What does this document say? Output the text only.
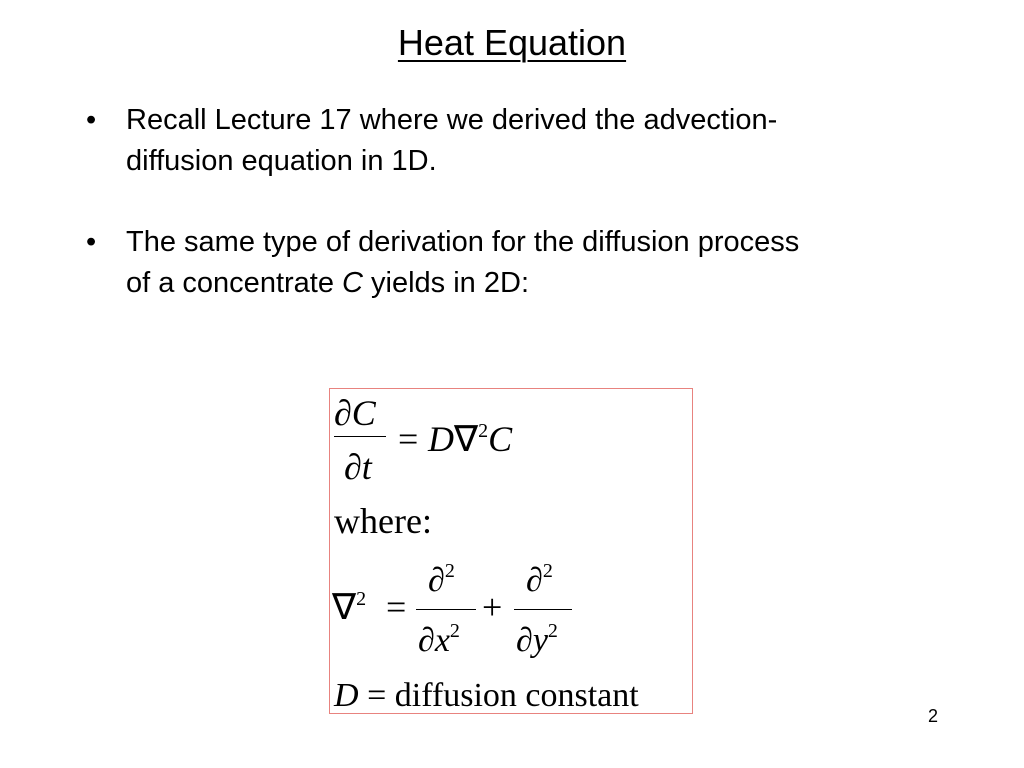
Heat Equation
• Recall Lecture 17 where we derived the advection-
diffusion equation in 1D.
• The same type of derivation for the diffusion process
of a concentrate C yields in 2D:
∂C
∂t
= D∇$^2$C
where:
∇$^2$ =
∂$^2$
$\partial x^2$
+
∂$^2$
$\partial y^2$
D = diffusion constant
2
